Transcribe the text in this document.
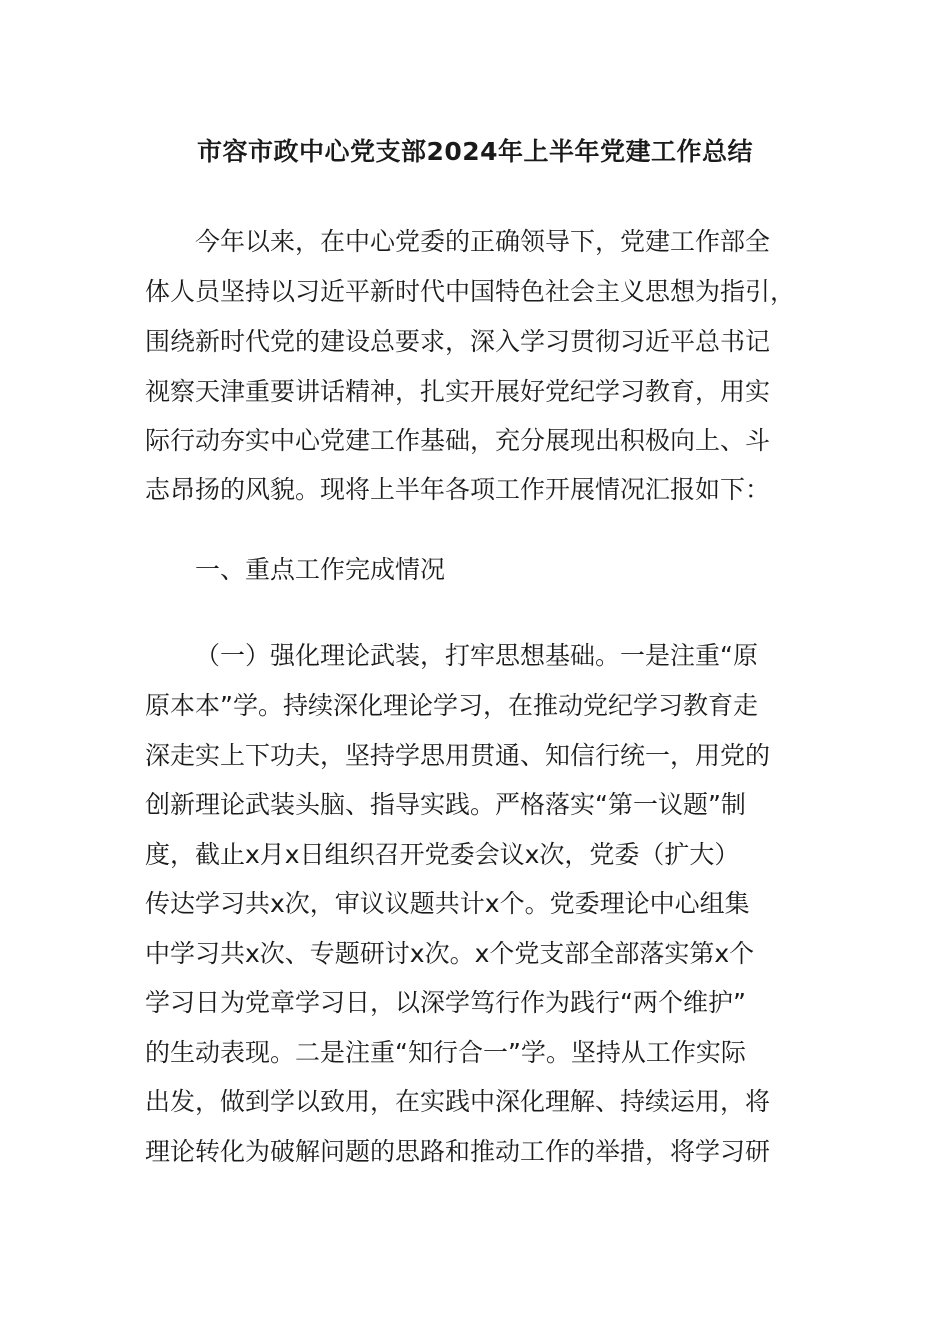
市容市政中心党支部2024年上半年党建工作总结

今年以来，在中心党委的正确领导下，党建工作部全

体人员坚持以习近平新时代中国特色社会主义思想为指引，

围绕新时代党的建设总要求，深入学习贯彻习近平总书记

视察天津重要讲话精神，扎实开展好党纪学习教育，用实

际行动夯实中心党建工作基础，充分展现出积极向上、斗

志昂扬的风貌。现将上半年各项工作开展情况汇报如下：

一、重点工作完成情况

（一）强化理论武装，打牢思想基础。一是注重“原

原本本”学。持续深化理论学习，在推动党纪学习教育走

深走实上下功夫，坚持学思用贯通、知信行统一，用党的

创新理论武装头脑、指导实践。严格落实“第一议题”制

度，截止x月x日组织召开党委会议x次，党委（扩大）

传达学习共x次，审议议题共计x个。党委理论中心组集

中学习共x次、专题研讨x次。x个党支部全部落实第x个

学习日为党章学习日，以深学笃行作为践行“两个维护”

的生动表现。二是注重“知行合一”学。坚持从工作实际

出发，做到学以致用，在实践中深化理解、持续运用，将

理论转化为破解问题的思路和推动工作的举措，将学习研
